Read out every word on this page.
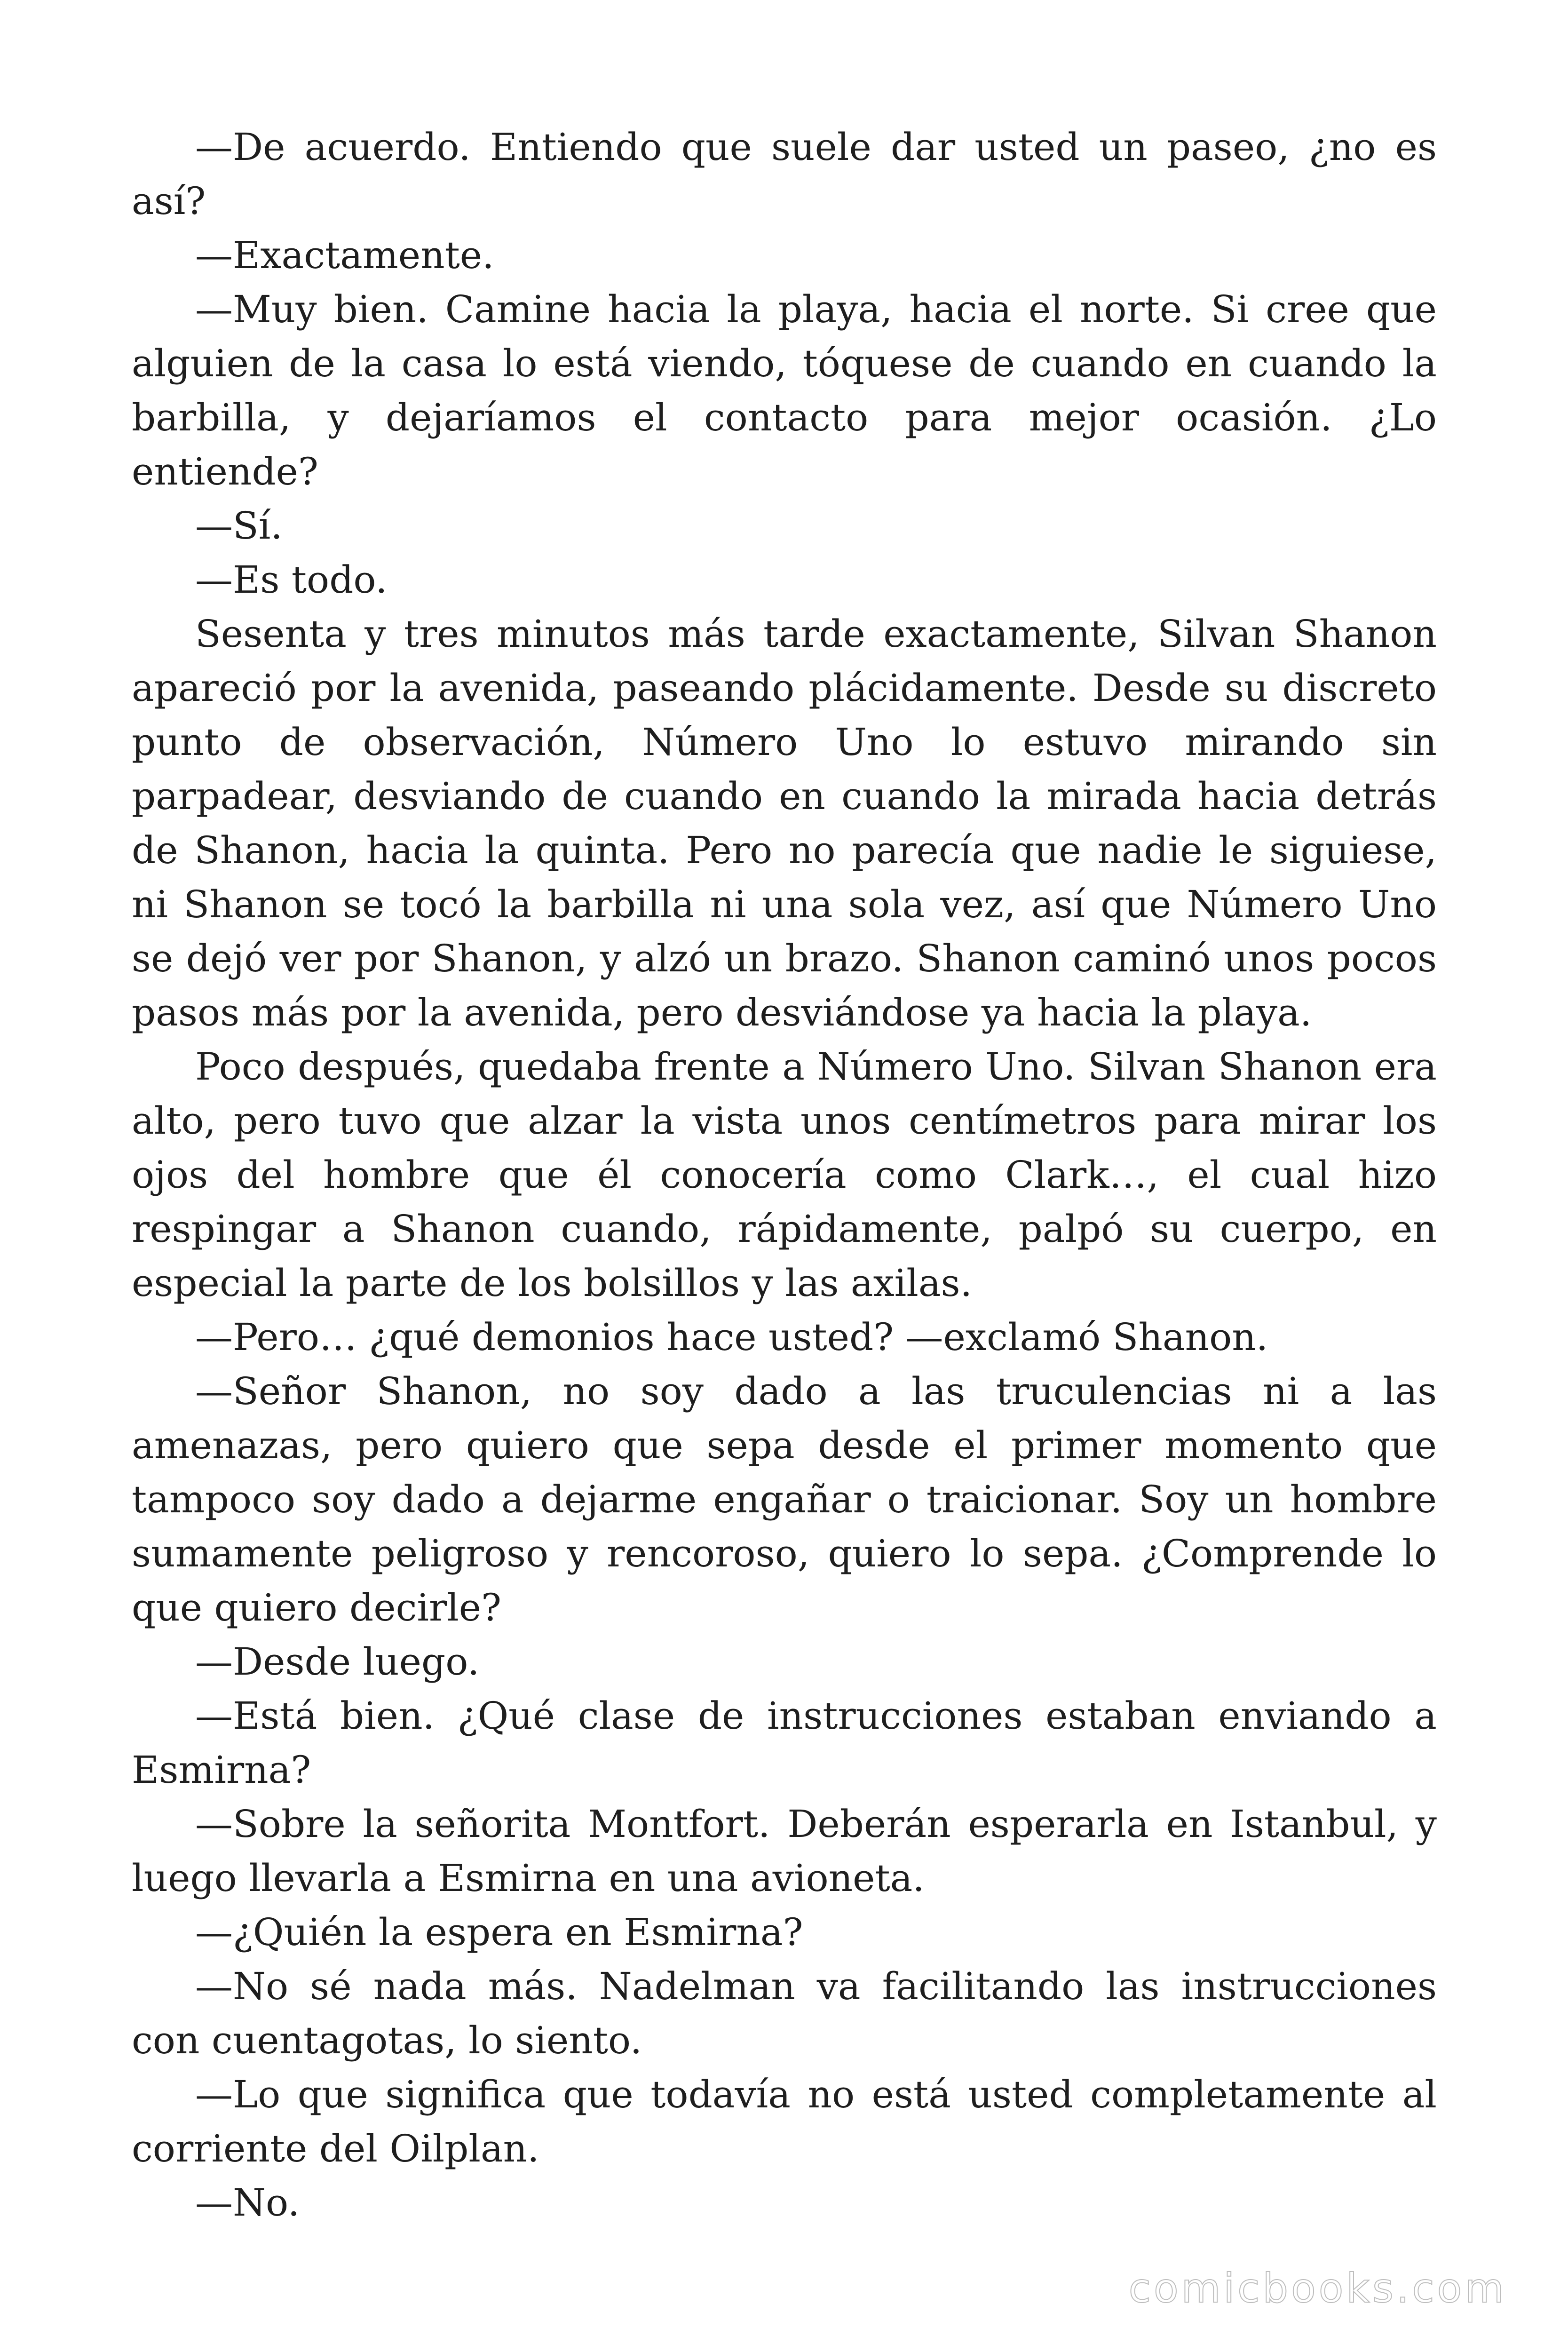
—De acuerdo. Entiendo que suele dar usted un paseo, ¿no es así?

—Exactamente.

—Muy bien. Camine hacia la playa, hacia el norte. Si cree que alguien de la casa lo está viendo, tóquese de cuando en cuando la barbilla, y dejaríamos el contacto para mejor ocasión. ¿Lo entiende?

—Sí.

—Es todo.

Sesenta y tres minutos más tarde exactamente, Silvan Shanon apareció por la avenida, paseando plácidamente. Desde su discreto punto de observación, Número Uno lo estuvo mirando sin parpadear, desviando de cuando en cuando la mirada hacia detrás de Shanon, hacia la quinta. Pero no parecía que nadie le siguiese, ni Shanon se tocó la barbilla ni una sola vez, así que Número Uno se dejó ver por Shanon, y alzó un brazo. Shanon caminó unos pocos pasos más por la avenida, pero desviándose ya hacia la playa.

Poco después, quedaba frente a Número Uno. Silvan Shanon era alto, pero tuvo que alzar la vista unos centímetros para mirar los ojos del hombre que él conocería como Clark…, el cual hizo respingar a Shanon cuando, rápidamente, palpó su cuerpo, en especial la parte de los bolsillos y las axilas.

—Pero… ¿qué demonios hace usted? —exclamó Shanon.

—Señor Shanon, no soy dado a las truculencias ni a las amenazas, pero quiero que sepa desde el primer momento que tampoco soy dado a dejarme engañar o traicionar. Soy un hombre sumamente peligroso y rencoroso, quiero lo sepa. ¿Comprende lo que quiero decirle?

—Desde luego.

—Está bien. ¿Qué clase de instrucciones estaban enviando a Esmirna?

—Sobre la señorita Montfort. Deberán esperarla en Istanbul, y luego llevarla a Esmirna en una avioneta.

—¿Quién la espera en Esmirna?

—No sé nada más. Nadelman va facilitando las instrucciones con cuentagotas, lo siento.

—Lo que significa que todavía no está usted completamente al corriente del Oilplan.

—No.

comicbooks.com
